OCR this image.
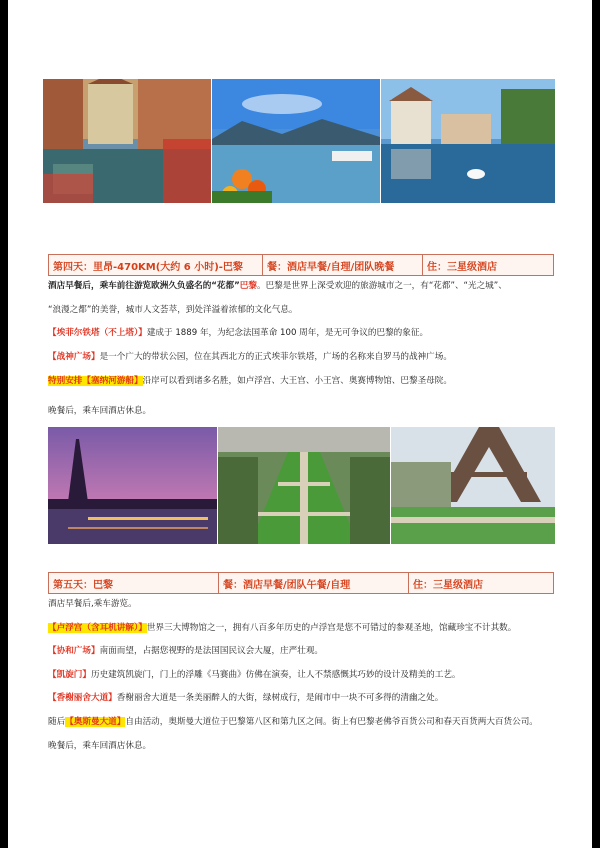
第四天：里昂-470KM(大约 6 小时)-巴黎	餐：酒店早餐/自理/团队晚餐	住：三星级酒店
酒店早餐后，乘车前往游览欧洲久负盛名的“花都”巴黎。巴黎是世界上深受欢迎的旅游城市之一，有“花都”、“光之城”、
“浪漫之都”的美誉，城市人文荟萃，到处洋溢着浓郁的文化气息。
【埃菲尔铁塔（不上塔）】建成于 1889 年，为纪念法国革命 100 周年，是无可争议的巴黎的象征。
【战神广场】是一个广大的带状公园，位在其西北方的正式埃菲尔铁塔，广场的名称来自罗马的战神广场。
特别安排【塞纳河游船】沿岸可以看到诸多名胜，如卢浮宫、大王宫、小王宫、奥赛博物馆、巴黎圣母院。
晚餐后，乘车回酒店休息。
第五天：巴黎	餐：酒店早餐/团队午餐/自理	住：三星级酒店
酒店早餐后,乘车游览。
【卢浮宫（含耳机讲解）】世界三大博物馆之一，拥有八百多年历史的卢浮宫是您不可错过的参观圣地，馆藏珍宝不计其数。
【协和广场】南面而望，占据您视野的是法国国民议会大厦，庄严壮观。
【凯旋门】历史建筑凯旋门，门上的浮雕《马赛曲》仿佛在演奏，让人不禁感慨其巧妙的设计及精美的工艺。
【香榭丽舍大道】香榭丽舍大道是一条美丽醉人的大街，绿树成行，是闹市中一块不可多得的清幽之处。
随后【奥斯曼大道】自由活动，奥斯曼大道位于巴黎第八区和第九区之间。街上有巴黎老佛爷百货公司和春天百货两大百货公司。
晚餐后，乘车回酒店休息。
